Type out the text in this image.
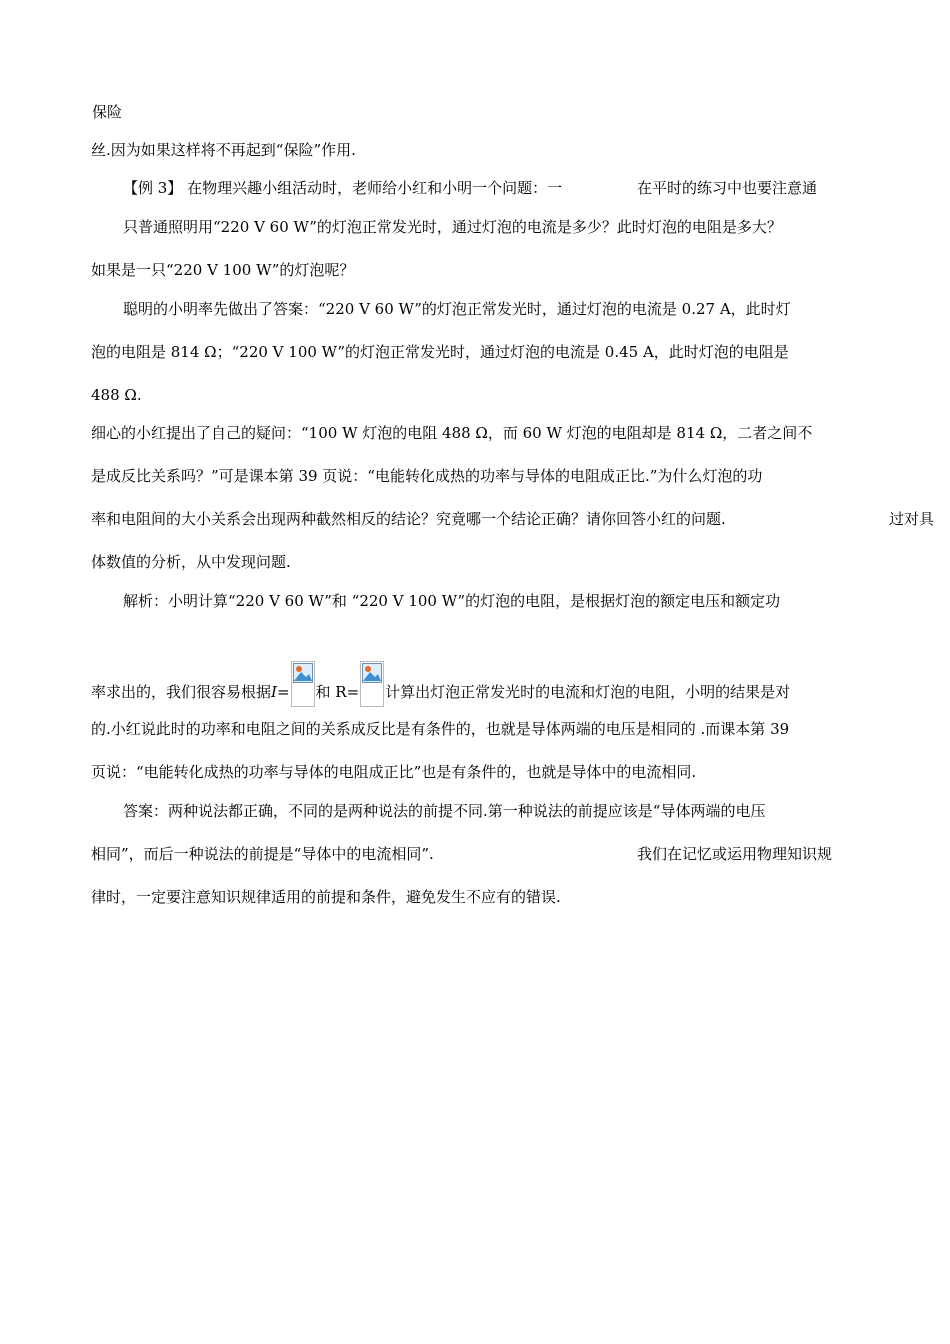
保险
丝.因为如果这样将不再起到“保险”作用.
【例 3】 在物理兴趣小组活动时，老师给小红和小明一个问题：一	在平时的练习中也要注意通
只普通照明用“220 V 60 W”的灯泡正常发光时，通过灯泡的电流是多少？此时灯泡的电阻是多大？
如果是一只“220 V 100 W”的灯泡呢？
聪明的小明率先做出了答案：“220 V 60 W”的灯泡正常发光时，通过灯泡的电流是 0.27 A，此时灯
泡的电阻是 814 Ω；“220 V 100 W”的灯泡正常发光时，通过灯泡的电流是 0.45 A，此时灯泡的电阻是
488 Ω.
细心的小红提出了自己的疑问：“100 W 灯泡的电阻 488 Ω，而 60 W 灯泡的电阻却是 814 Ω，二者之间不
是成反比关系吗？”可是课本第 39 页说：“电能转化成热的功率与导体的电阻成正比.”为什么灯泡的功
率和电阻间的大小关系会出现两种截然相反的结论？究竟哪一个结论正确？请你回答小红的问题.	过对具
体数值的分析，从中发现问题.
解析：小明计算“220 V 60 W”和 “220 V 100 W”的灯泡的电阻，是根据灯泡的额定电压和额定功
率求出的，我们很容易根据I= 和 R= 计算出灯泡正常发光时的电流和灯泡的电阻，小明的结果是对
的.小红说此时的功率和电阻之间的关系成反比是有条件的，也就是导体两端的电压是相同的 .而课本第 39
页说：“电能转化成热的功率与导体的电阻成正比”也是有条件的，也就是导体中的电流相同.
答案：两种说法都正确，不同的是两种说法的前提不同.第一种说法的前提应该是“导体两端的电压
相同”，而后一种说法的前提是“导体中的电流相同”.	我们在记忆或运用物理知识规
律时，一定要注意知识规律适用的前提和条件，避免发生不应有的错误.
